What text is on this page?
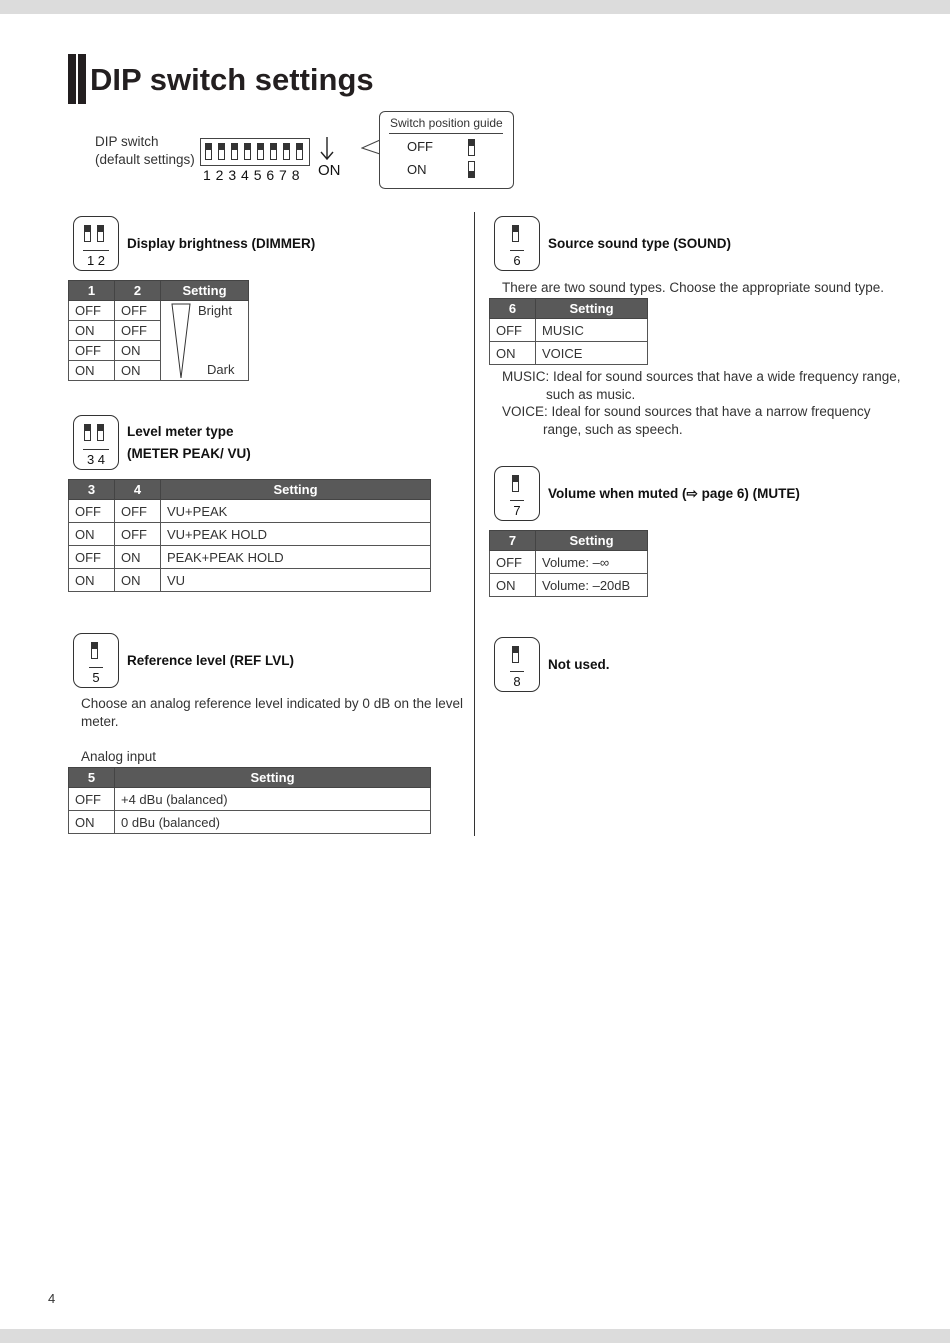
DIP switch settings
DIP switch
(default settings)
1 2 3 4 5 6 7 8 ON
Switch position guide
OFF
ON
1 2
Display brightness (DIMMER)
1	2	Setting
OFF	OFF	Bright
Dark

ON	OFF	
OFF	ON	
ON	ON	
3 4
Level meter type
(METER PEAK/ VU)
3	4	Setting
OFF	OFF	VU+PEAK
ON	OFF	VU+PEAK HOLD
OFF	ON	PEAK+PEAK HOLD
ON	ON	VU
5
Reference level (REF LVL)
Choose an analog reference level indicated by 0 dB on the level
meter.
Analog input
5	Setting
OFF	+4 dBu (balanced)
ON	0 dBu (balanced)
6
Source sound type (SOUND)
There are two sound types. Choose the appropriate sound type.
6	Setting
OFF	MUSIC
ON	VOICE
MUSIC: Ideal for sound sources that have a wide frequency range,
such as music.
VOICE: Ideal for sound sources that have a narrow frequency
range, such as speech.
7
Volume when muted (⇨ page 6) (MUTE)
7	Setting
OFF	Volume: –∞
ON	Volume: –20dB
8
Not used.
4
